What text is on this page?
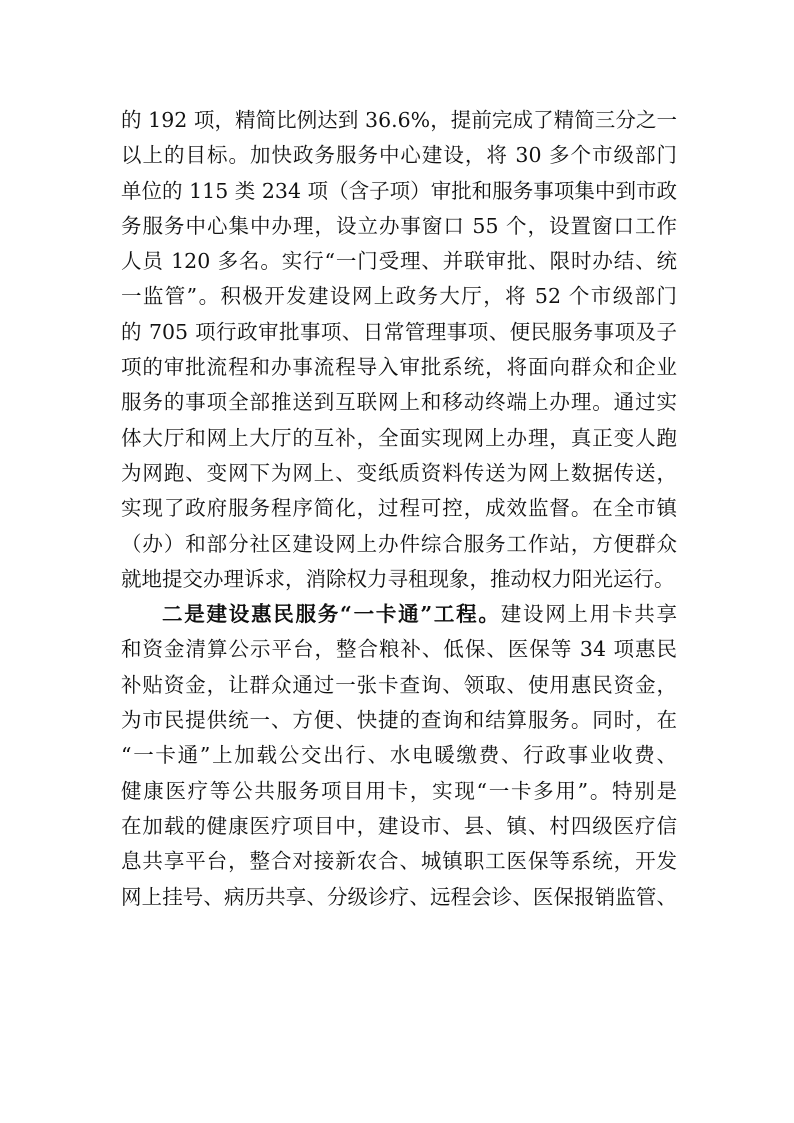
的 192 项，精简比例达到 36.6%，提前完成了精简三分之一
以上的目标。加快政务服务中心建设，将 30 多个市级部门
单位的 115 类 234 项（含子项）审批和服务事项集中到市政
务服务中心集中办理，设立办事窗口 55 个，设置窗口工作
人员 120 多名。实行“一门受理、并联审批、限时办结、统
一监管”。积极开发建设网上政务大厅，将 52 个市级部门
的 705 项行政审批事项、日常管理事项、便民服务事项及子
项的审批流程和办事流程导入审批系统，将面向群众和企业
服务的事项全部推送到互联网上和移动终端上办理。通过实
体大厅和网上大厅的互补，全面实现网上办理，真正变人跑
为网跑、变网下为网上、变纸质资料传送为网上数据传送，
实现了政府服务程序简化，过程可控，成效监督。在全市镇
（办）和部分社区建设网上办件综合服务工作站，方便群众
就地提交办理诉求，消除权力寻租现象，推动权力阳光运行。
二是建设惠民服务“一卡通”工程。建设网上用卡共享
和资金清算公示平台，整合粮补、低保、医保等 34 项惠民
补贴资金，让群众通过一张卡查询、领取、使用惠民资金，
为市民提供统一、方便、快捷的查询和结算服务。同时，在
“一卡通”上加载公交出行、水电暖缴费、行政事业收费、
健康医疗等公共服务项目用卡，实现“一卡多用”。特别是
在加载的健康医疗项目中，建设市、县、镇、村四级医疗信
息共享平台，整合对接新农合、城镇职工医保等系统，开发
网上挂号、病历共享、分级诊疗、远程会诊、医保报销监管、
